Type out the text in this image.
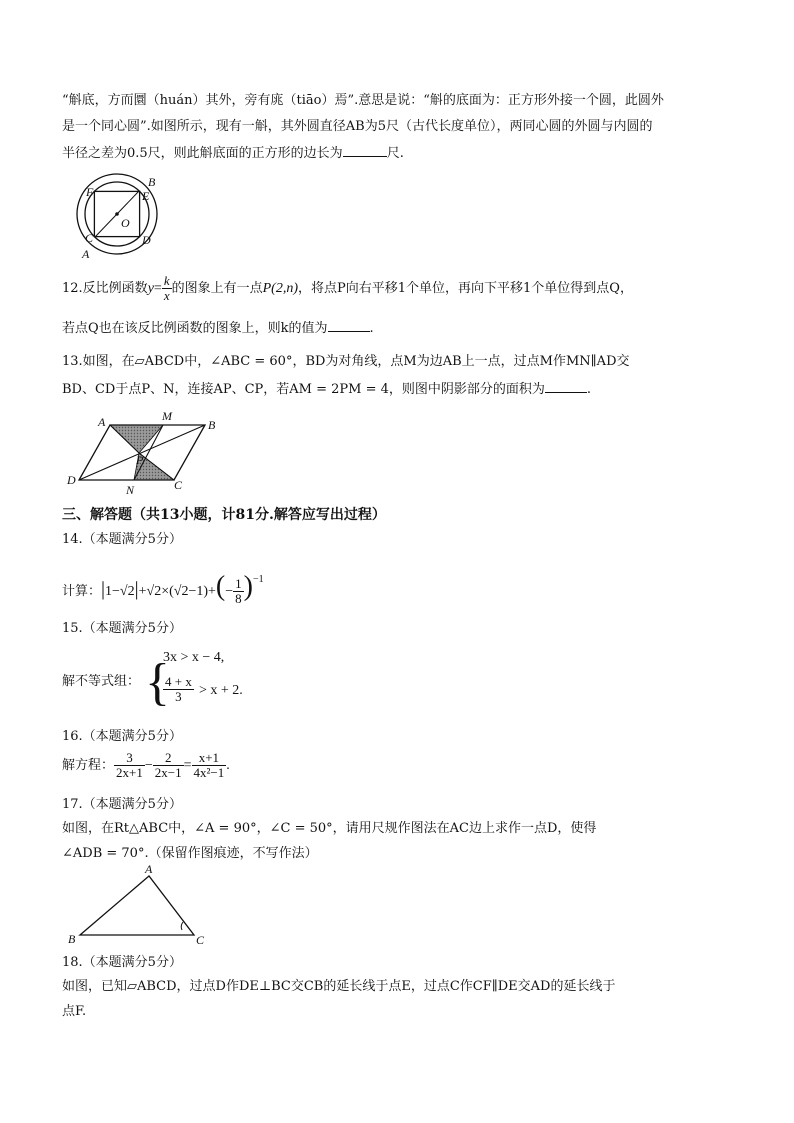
“斛底，方而圜（huán）其外，旁有庣（tiāo）焉”.意思是说：“斛的底面为：正方形外接一个圆，此圆外
是一个同心圆”.如图所示，现有一斛，其外圆直径AB为5尺（古代长度单位），两同心圆的外圆与内圆的
半径之差为0.5尺，则此斛底面的正方形的边长为	尺.
B
F	E
O
C	D
A
12.反比例函数$y= \frac{k}{x}$ 的图象上有一点P(2,n)，将点P向右平移1个单位，再向下平移1个单位得到点Q，
若点Q也在该反比例函数的图象上，则k的值为	.
13.如图，在▱ABCD中，∠ABC = 60°，BD为对角线，点M为边AB上一点，过点M作MN∥AD交
BD、CD于点P、N，连接AP、CP，若AM = 2PM = 4，则图中阴影部分的面积为	.
A	M
B
P
D
N	C
三、解答题（共13小题，计81分.解答应写出过程）
14.（本题满分5分）
计算：$|1-√2|+√2\times(√2-1)+(- \frac{1}{8} )^{-1}$
15.（本题满分5分）
解不等式组： {
3x > x − 4,
$\frac{4 + x}{3} > x + 2$.
16.（本题满分5分）
解方程： $\frac{3}{2x+1} - \frac{2}{2x-1} = \frac{x+1}{\text{4x²−1}}$ .
17.（本题满分5分）
如图，在Rt△ABC中，∠A = 90°，∠C = 50°，请用尺规作图法在AC边上求作一点D，使得
∠ADB = 70°.（保留作图痕迹，不写作法）
A
B	C
18.（本题满分5分）
如图，已知▱ABCD，过点D作DE⊥BC交CB的延长线于点E，过点C作CF∥DE交AD的延长线于
点F.
